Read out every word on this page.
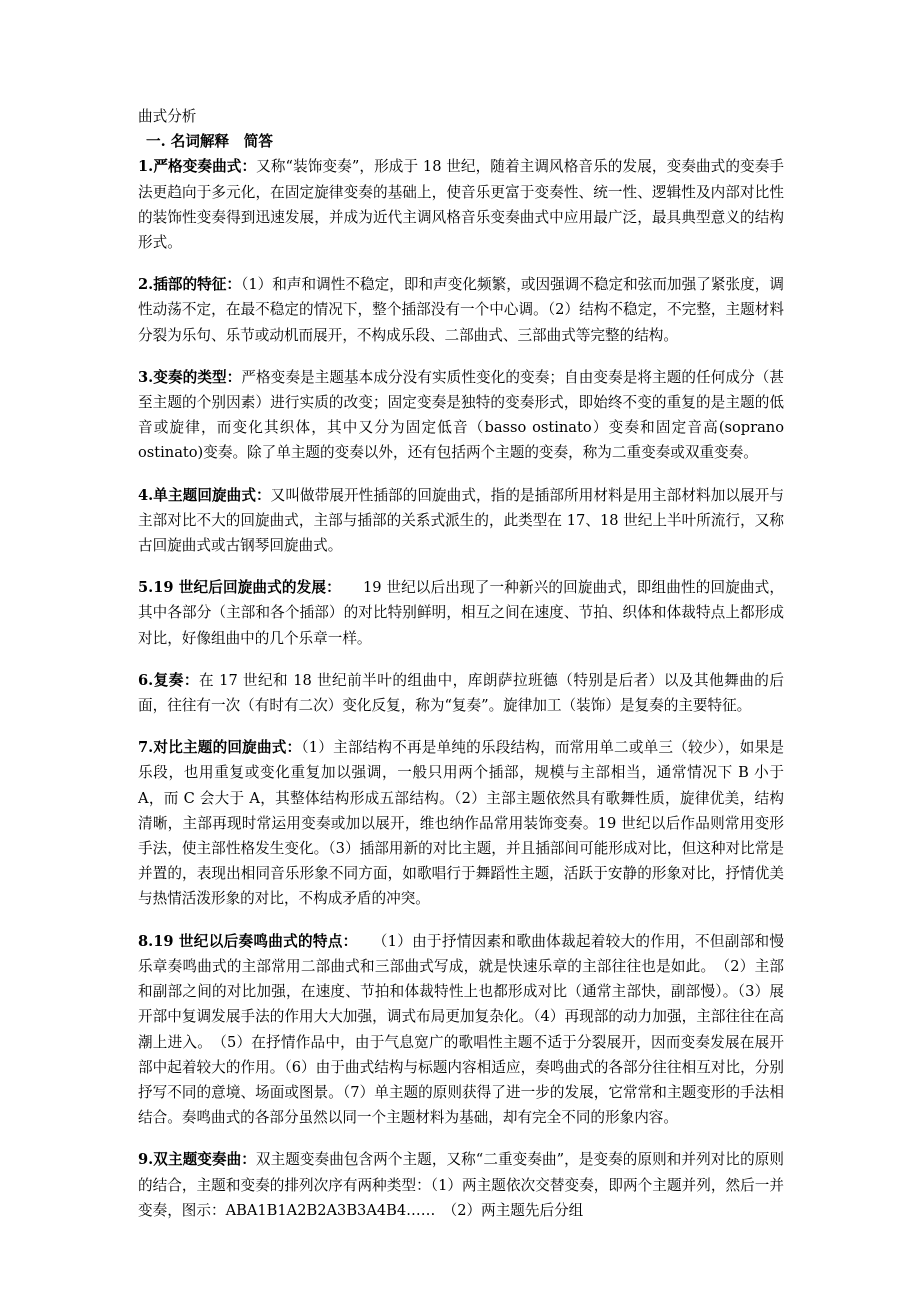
曲式分析

一. 名词解释　简答

1.严格变奏曲式：又称“装饰变奏”，形成于 18 世纪，随着主调风格音乐的发展，变奏曲式的变奏手法更趋向于多元化，在固定旋律变奏的基础上，使音乐更富于变奏性、统一性、逻辑性及内部对比性的装饰性变奏得到迅速发展，并成为近代主调风格音乐变奏曲式中应用最广泛，最具典型意义的结构形式。

2.插部的特征：（1）和声和调性不稳定，即和声变化频繁，或因强调不稳定和弦而加强了紧张度，调性动荡不定，在最不稳定的情况下，整个插部没有一个中心调。（2）结构不稳定，不完整，主题材料分裂为乐句、乐节或动机而展开，不构成乐段、二部曲式、三部曲式等完整的结构。

3.变奏的类型：严格变奏是主题基本成分没有实质性变化的变奏；自由变奏是将主题的任何成分（甚至主题的个别因素）进行实质的改变；固定变奏是独特的变奏形式，即始终不变的重复的是主题的低音或旋律，而变化其织体，其中又分为固定低音（basso ostinato）变奏和固定音高(soprano ostinato)变奏。除了单主题的变奏以外，还有包括两个主题的变奏，称为二重变奏或双重变奏。

4.单主题回旋曲式：又叫做带展开性插部的回旋曲式，指的是插部所用材料是用主部材料加以展开与主部对比不大的回旋曲式，主部与插部的关系式派生的，此类型在 17、18 世纪上半叶所流行，又称古回旋曲式或古钢琴回旋曲式。

5.19 世纪后回旋曲式的发展：　　19 世纪以后出现了一种新兴的回旋曲式，即组曲性的回旋曲式，其中各部分（主部和各个插部）的对比特别鲜明，相互之间在速度、节拍、织体和体裁特点上都形成对比，好像组曲中的几个乐章一样。

6.复奏：在 17 世纪和 18 世纪前半叶的组曲中，库朗萨拉班德（特别是后者）以及其他舞曲的后面，往往有一次（有时有二次）变化反复，称为“复奏”。旋律加工（装饰）是复奏的主要特征。

7.对比主题的回旋曲式：（1）主部结构不再是单纯的乐段结构，而常用单二或单三（较少），如果是乐段，也用重复或变化重复加以强调，一般只用两个插部，规模与主部相当，通常情况下 B 小于 A，而 C 会大于 A，其整体结构形成五部结构。（2）主部主题依然具有歌舞性质，旋律优美，结构清晰，主部再现时常运用变奏或加以展开，维也纳作品常用装饰变奏。19 世纪以后作品则常用变形手法，使主部性格发生变化。（3）插部用新的对比主题，并且插部间可能形成对比，但这种对比常是并置的，表现出相同音乐形象不同方面，如歌唱行于舞蹈性主题，活跃于安静的形象对比，抒情优美与热情活泼形象的对比，不构成矛盾的冲突。

8.19 世纪以后奏鸣曲式的特点：　　（1）由于抒情因素和歌曲体裁起着较大的作用，不但副部和慢乐章奏鸣曲式的主部常用二部曲式和三部曲式写成，就是快速乐章的主部往往也是如此。　（2）主部和副部之间的对比加强，在速度、节拍和体裁特性上也都形成对比（通常主部快，副部慢）。（3）展开部中复调发展手法的作用大大加强，调式布局更加复杂化。（4）再现部的动力加强，主部往往在高潮上进入。　（5）在抒情作品中，由于气息宽广的歌唱性主题不适于分裂展开，因而变奏发展在展开部中起着较大的作用。（6）由于曲式结构与标题内容相适应，奏鸣曲式的各部分往往相互对比，分别抒写不同的意境、场面或图景。（7）单主题的原则获得了进一步的发展，它常常和主题变形的手法相结合。奏鸣曲式的各部分虽然以同一个主题材料为基础，却有完全不同的形象内容。

9.双主题变奏曲：双主题变奏曲包含两个主题，又称“二重变奏曲”，是变奏的原则和并列对比的原则的结合，主题和变奏的排列次序有两种类型：（1）两主题依次交替变奏，即两个主题并列，然后一并变奏，图示：ABA1B1A2B2A3B3A4B4……　（2）两主题先后分组
